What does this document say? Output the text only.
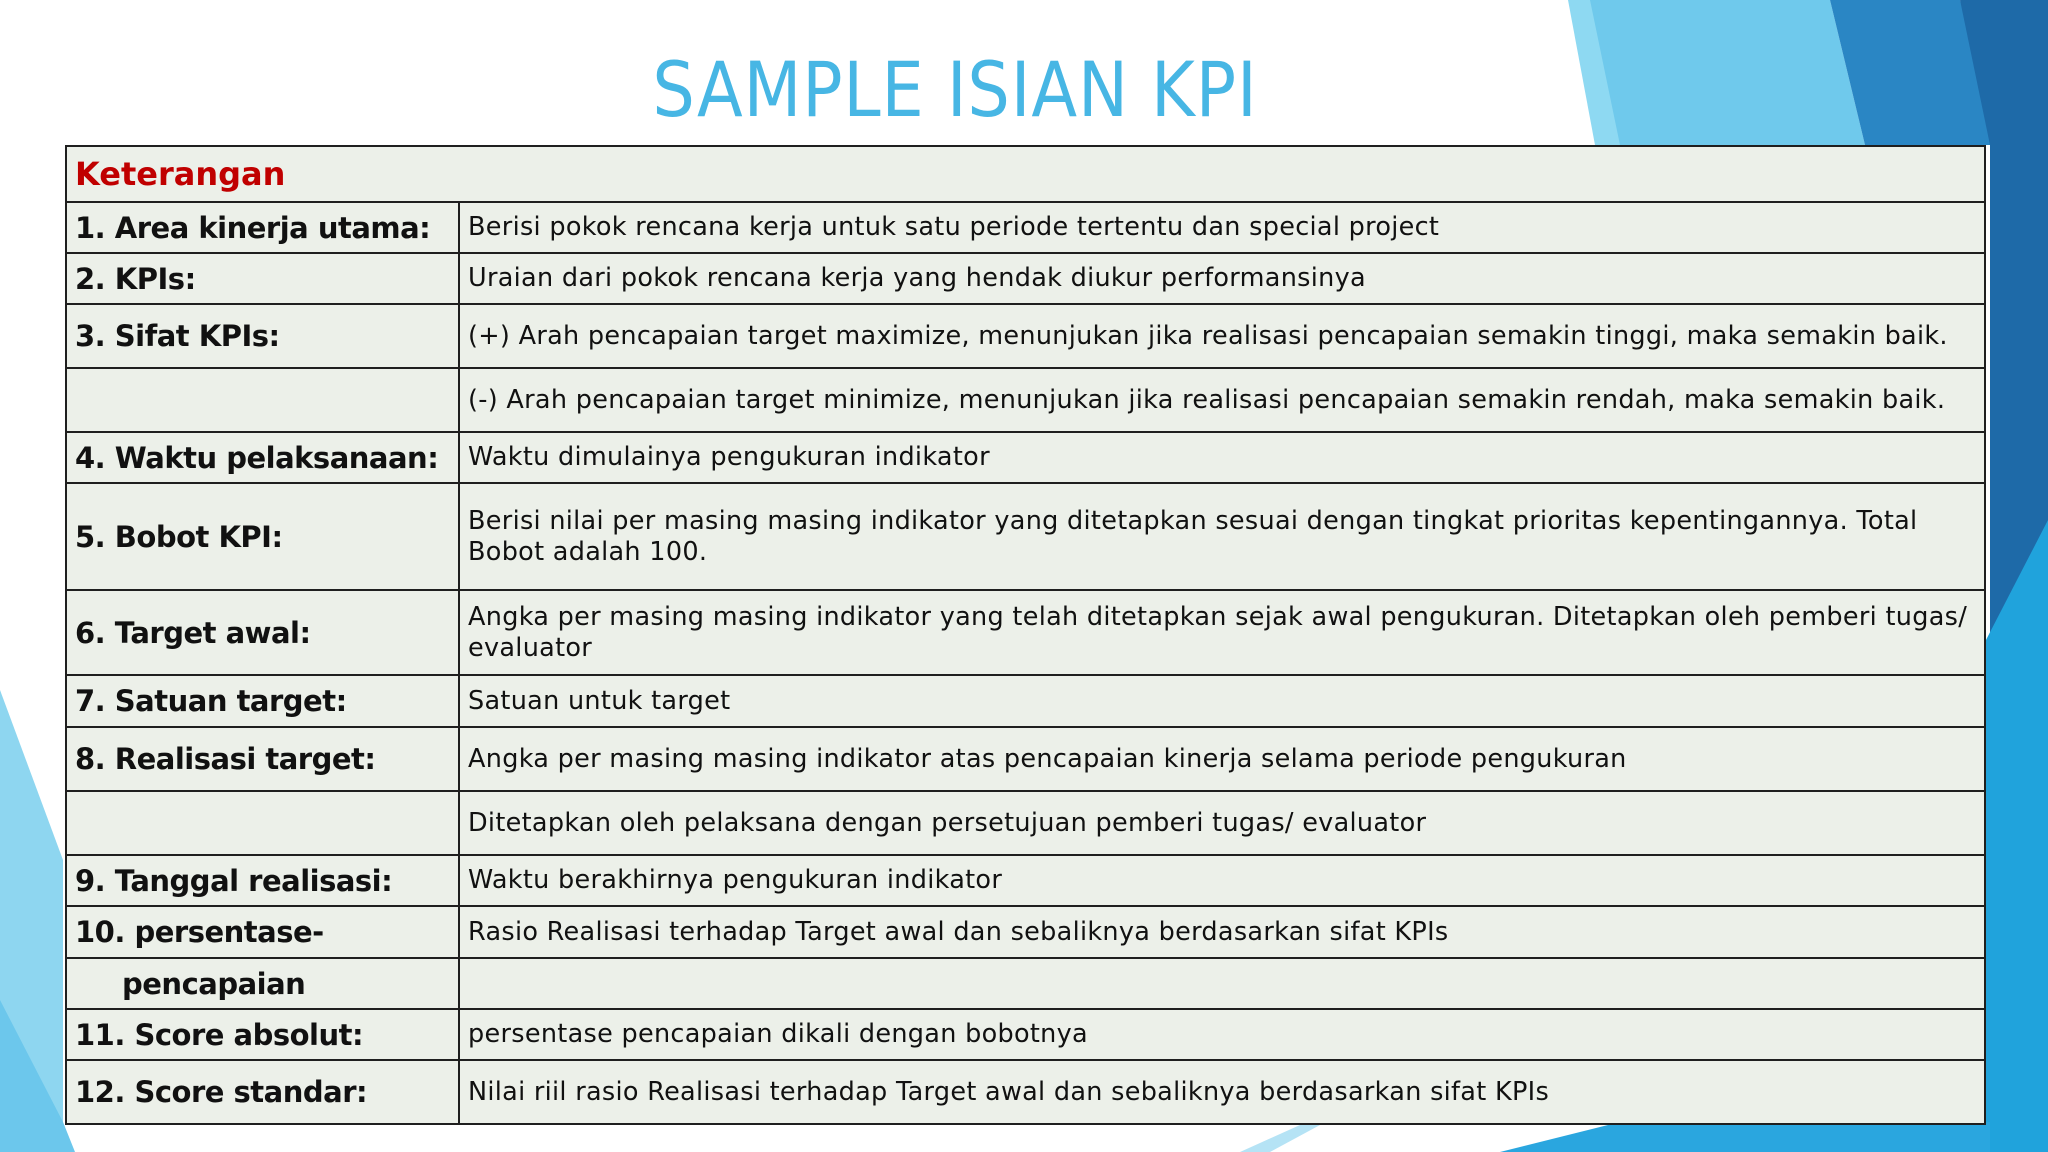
SAMPLE ISIAN KPI
Keterangan	
1. Area kinerja utama:	Berisi pokok rencana kerja untuk satu periode tertentu dan special project
2. KPIs:	Uraian dari pokok rencana kerja yang hendak diukur performansinya
3. Sifat KPIs:	(+) Arah pencapaian target maximize, menunjukan jika realisasi pencapaian semakin tinggi, maka semakin baik.
	(-) Arah pencapaian target minimize, menunjukan jika realisasi pencapaian semakin rendah, maka semakin baik.
4. Waktu pelaksanaan:	Waktu dimulainya pengukuran indikator
5. Bobot KPI:	Berisi nilai per masing masing indikator yang ditetapkan sesuai dengan tingkat prioritas kepentingannya. Total Bobot adalah 100.
6. Target awal:	Angka per masing masing indikator yang telah ditetapkan sejak awal pengukuran. Ditetapkan oleh pemberi tugas/ evaluator
7. Satuan target:	Satuan untuk target
8. Realisasi target:	Angka per masing masing indikator atas pencapaian kinerja selama periode pengukuran
	Ditetapkan oleh pelaksana dengan persetujuan pemberi tugas/ evaluator
9. Tanggal realisasi:	Waktu berakhirnya pengukuran indikator
10. persentase-	Rasio Realisasi terhadap Target awal dan sebaliknya berdasarkan sifat KPIs
pencapaian	
11. Score absolut:	persentase pencapaian dikali dengan bobotnya
12. Score standar:	Nilai riil rasio Realisasi terhadap Target awal dan sebaliknya berdasarkan sifat KPIs
